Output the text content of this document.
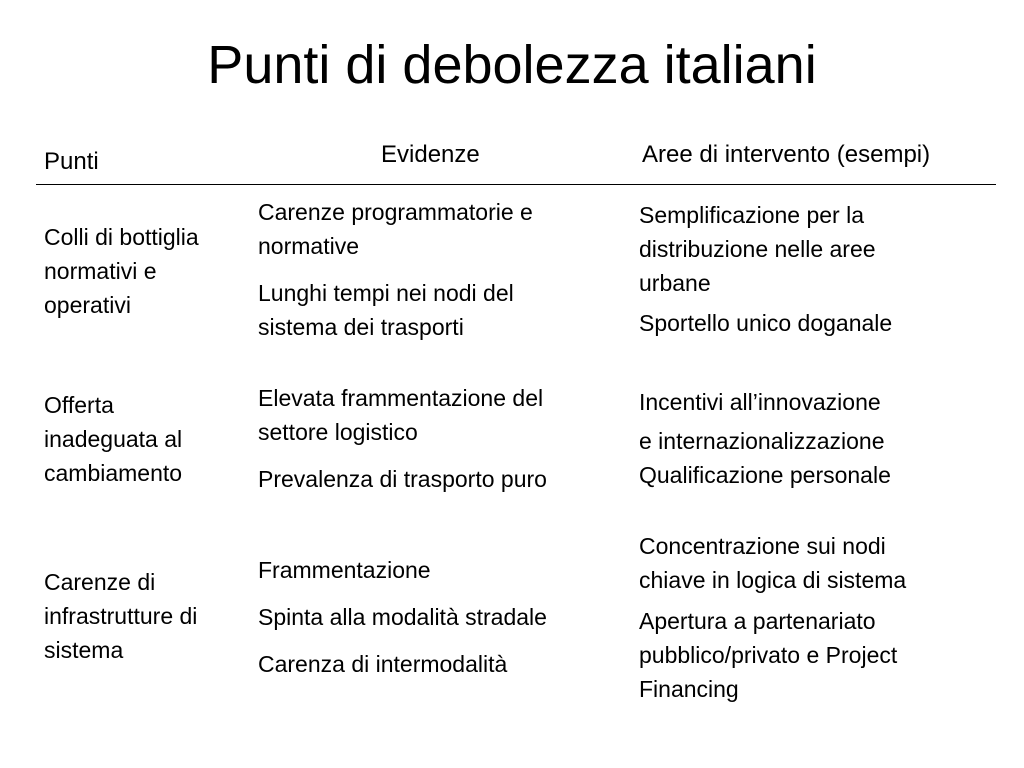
Punti di debolezza italiani
Punti	Evidenze	Aree di intervento (esempi)

Colli di bottiglia

normativi e

operativi

Carenze programmatorie e

normative

Lunghi tempi nei nodi del

sistema dei trasporti

Semplificazione per la

distribuzione nelle aree

urbane

Sportello unico doganale

Offerta

inadeguata al

cambiamento

Elevata frammentazione del

settore logistico

Prevalenza di trasporto puro

Incentivi all’innovazione

e internazionalizzazione

Qualificazione personale

Carenze di

infrastrutture di

sistema

Frammentazione

Spinta alla modalità stradale

Carenza di intermodalità

Concentrazione sui nodi

chiave in logica di sistema

Apertura a partenariato

pubblico/privato e Project

Financing
